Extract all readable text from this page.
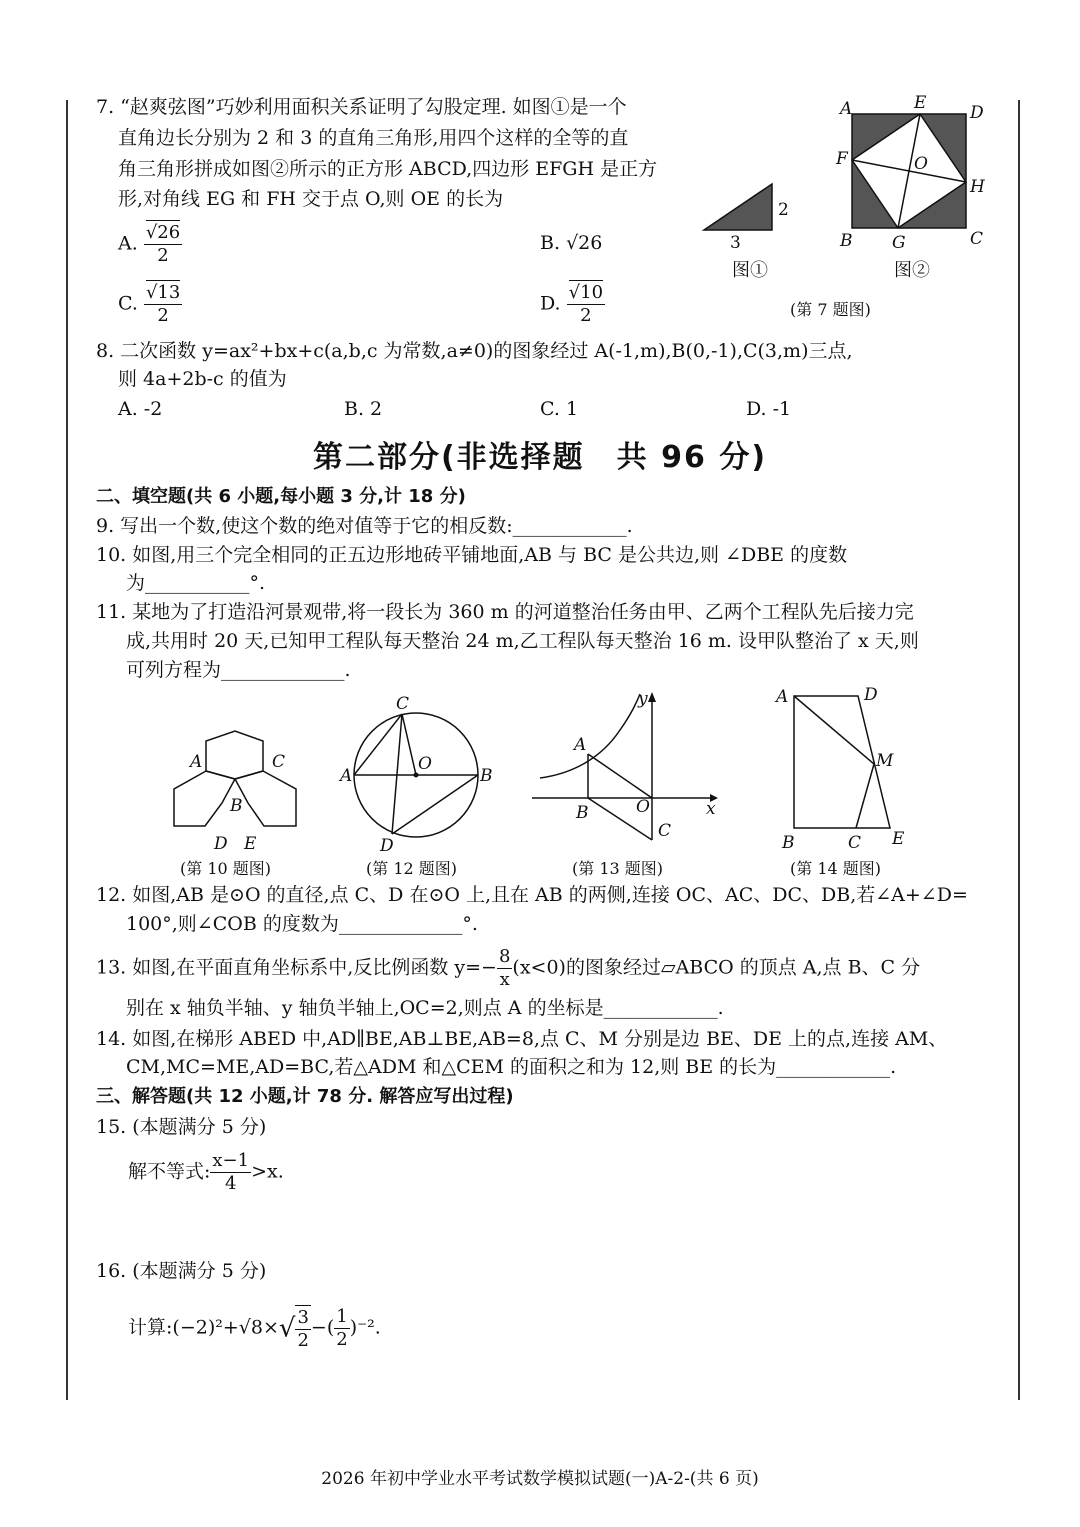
7. “赵爽弦图”巧妙利用面积关系证明了勾股定理. 如图①是一个
直角边长分别为 2 和 3 的直角三角形,用四个这样的全等的直
角三角形拼成如图②所示的正方形 ABCD,四边形 EFGH 是正方
形,对角线 EG 和 FH 交于点 O,则 OE 的长为
A. $\frac{√26}{2}$	B. √26
C. $\frac{√13}{2}$	D. $\frac{√10}{2}$
2
3
图①
A	E	D
F	O
H
B G	C
图②
(第 7 题图)
8. 二次函数 y=ax²+bx+c(a,b,c 为常数,a≠0)的图象经过 A(-1,m),B(0,-1),C(3,m)三点,
则 4a+2b-c 的值为
A. -2	B. 2	C. 1	D. -1
第二部分(非选择题　共 96 分)
二、填空题(共 6 小题,每小题 3 分,计 18 分)
9. 写出一个数,使这个数的绝对值等于它的相反数:____________.
10. 如图,用三个完全相同的正五边形地砖平铺地面,AB 与 BC 是公共边,则 ∠DBE 的度数
为___________°.
11. 某地为了打造沿河景观带,将一段长为 360 m 的河道整治任务由甲、乙两个工程队先后接力完
成,共用时 20 天,已知甲工程队每天整治 24 m,乙工程队每天整治 16 m. 设甲队整治了 x 天,则
可列方程为_____________.
A	C
B
D E
(第 10 题图)
C
A
O
B
D
(第 12 题图)
A
B	O
C
x
y
(第 13 题图)
A	D
M
B	C E
(第 14 题图)
12. 如图,AB 是⊙O 的直径,点 C、D 在⊙O 上,且在 AB 的两侧,连接 OC、AC、DC、DB,若∠A+∠D=
100°,则∠COB 的度数为_____________°.
13. 如图,在平面直角坐标系中,反比例函数 $y=- \frac{8}{x} (x<0)$的图象经过▱ABCO 的顶点 A,点 B、C 分
别在 x 轴负半轴、y 轴负半轴上,OC=2,则点 A 的坐标是____________.
14. 如图,在梯形 ABED 中,AD∥BE,AB⊥BE,AB=8,点 C、M 分别是边 BE、DE 上的点,连接 AM、
CM,MC=ME,AD=BC,若△ADM 和△CEM 的面积之和为 12,则 BE 的长为____________.
三、解答题(共 12 小题,计 78 分. 解答应写出过程)
15. (本题满分 5 分)
解不等式: $\frac{x-1}{4} >x$.
16. (本题满分 5 分)
计算:(−2)²+√8×√ $\frac{3}{2}$ −( $\frac{1}{2} )^{-2}$.
2026 年初中学业水平考试数学模拟试题(一)A-2-(共 6 页)
